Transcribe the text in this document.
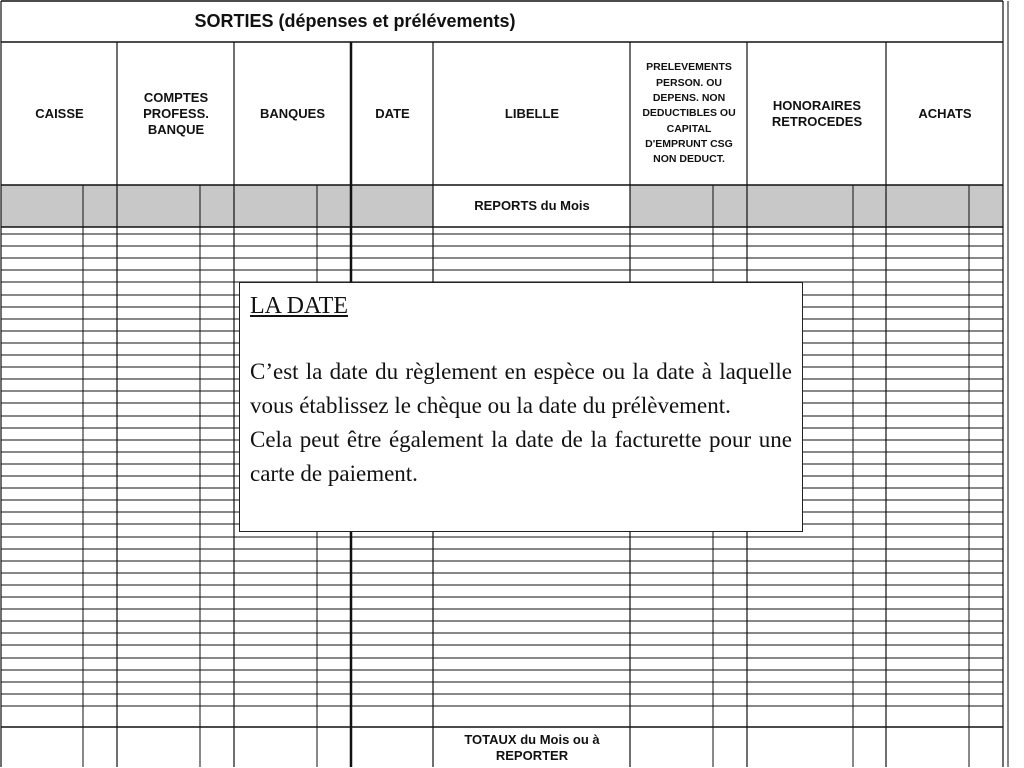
SORTIES (dépenses et prélévements)
CAISSE
COMPTES
PROFESS.
BANQUE
BANQUES	DATE	LIBELLE
PRELEVEMENTS
PERSON. OU
DEPENS. NON
DEDUCTIBLES OU
CAPITAL
D'EMPRUNT CSG
NON DEDUCT.
HONORAIRES
RETROCEDES
ACHATS
REPORTS du Mois
TOTAUX du Mois ou à
REPORTER
LA DATE

C’est la date du règlement en espèce ou la date à laquelle vous établissez le chèque ou la date du prélèvement.

Cela peut être également la date de la facturette pour une carte de paiement.
